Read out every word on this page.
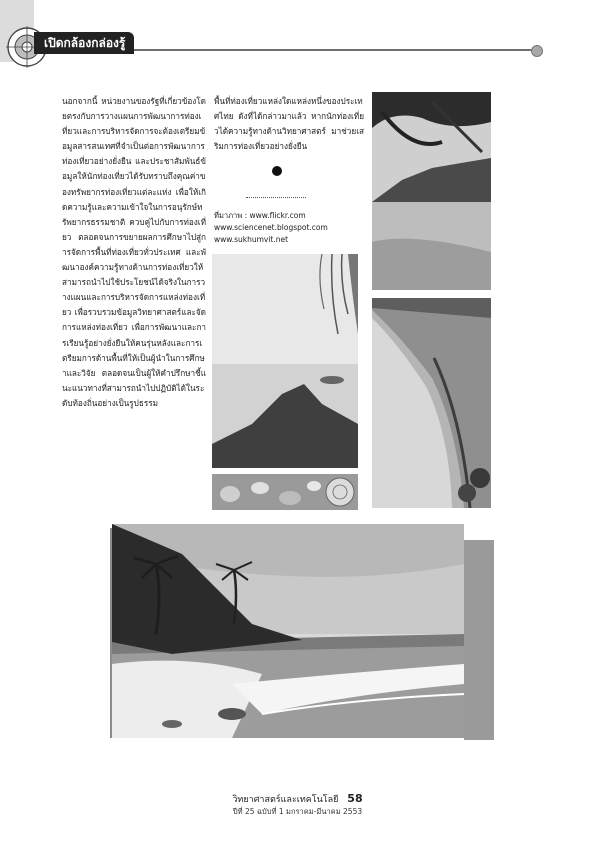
เปิดกล้องกล่องรู้
นอกจากนี้ หน่วยงานของรัฐที่เกี่ยวข้องโดยตรงกับการวางแผนการพัฒนาการท่องเที่ยวและการบริหารจัดการจะต้องเตรียมข้อมูลสารสนเทศที่จำเป็นต่อการพัฒนาการท่องเที่ยวอย่างยั่งยืน และประชาสัมพันธ์ข้อมูลให้นักท่องเที่ยวได้รับทราบถึงคุณค่าของทรัพยากรท่องเที่ยวแต่ละแห่ง เพื่อให้เกิดความรู้และความเข้าใจในการอนุรักษ์ทรัพยากรธรรมชาติ ควบคู่ไปกับการท่องเที่ยว ตลอดจนการขยายผลการศึกษาไปสู่การจัดการพื้นที่ท่องเที่ยวทั่วประเทศ และพัฒนาองค์ความรู้ทางด้านการท่องเที่ยวให้สามารถนำไปใช้ประโยชน์ได้จริงในการวางแผนและการบริหารจัดการแหล่งท่องเที่ยว เพื่อรวบรวมข้อมูลวิทยาศาสตร์และจัดการแหล่งท่องเที่ยว เพื่อการพัฒนาและการเรียนรู้อย่างยั่งยืนให้คนรุ่นหลังและการเตรียมการด้านพื้นที่ให้เป็นผู้นำในการศึกษาและวิจัย ตลอดจนเป็นผู้ให้คำปรึกษาชี้แนะแนวทางที่สามารถนำไปปฏิบัติได้ในระดับท้องถิ่นอย่างเป็นรูปธรรม
พื้นที่ท่องเที่ยวแหล่งใดแหล่งหนึ่งของประเทศไทย ดังที่ได้กล่าวมาแล้ว หากนักท่องเที่ยวได้ความรู้ทางด้านวิทยาศาสตร์ มาช่วยเสริมการท่องเที่ยวอย่างยั่งยืน
ที่มาภาพ : www.flickr.com
www.sciencenet.blogspot.com
www.sukhumvit.net
วิทยาศาสตร์และเทคโนโลยี 58
ปีที่ 25 ฉบับที่ 1 มกราคม-มีนาคม 2553
